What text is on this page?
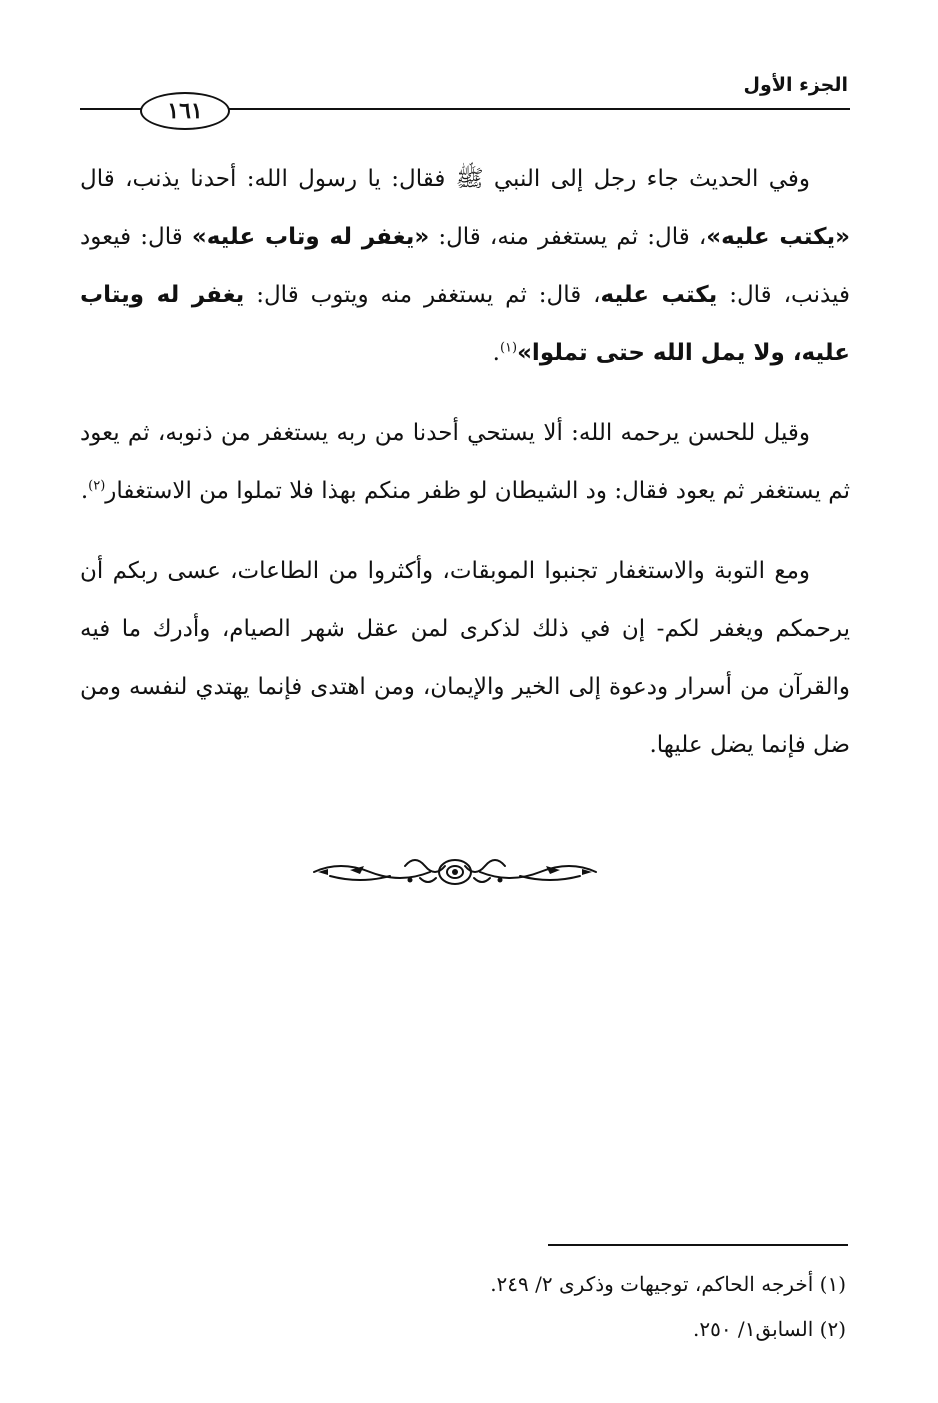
الجزء الأول
١٦١

وفي الحديث جاء رجل إلى النبي ﷺ فقال: يا رسول الله: أحدنا يذنب، قال «يكتب عليه»، قال: ثم يستغفر منه، قال: «يغفر له وتاب عليه» قال: فيعود فيذنب، قال: يكتب عليه، قال: ثم يستغفر منه ويتوب قال: يغفر له ويتاب عليه، ولا يمل الله حتى تملوا»$^{(١)}$.

وقيل للحسن يرحمه الله: ألا يستحي أحدنا من ربه يستغفر من ذنوبه، ثم يعود ثم يستغفر ثم يعود فقال: ود الشيطان لو ظفر منكم بهذا فلا تملوا من الاستغفار$^{(٢)}$.

ومع التوبة والاستغفار تجنبوا الموبقات، وأكثروا من الطاعات، عسى ربكم أن يرحمكم ويغفر لكم- إن في ذلك لذكرى لمن عقل شهر الصيام، وأدرك ما فيه والقرآن من أسرار ودعوة إلى الخير والإيمان، ومن اهتدى فإنما يهتدي لنفسه ومن ضل فإنما يضل عليها.

(١) أخرجه الحاكم، توجيهات وذكرى ٢/ ٢٤٩.

(٢) السابق١/ ٢٥٠.
